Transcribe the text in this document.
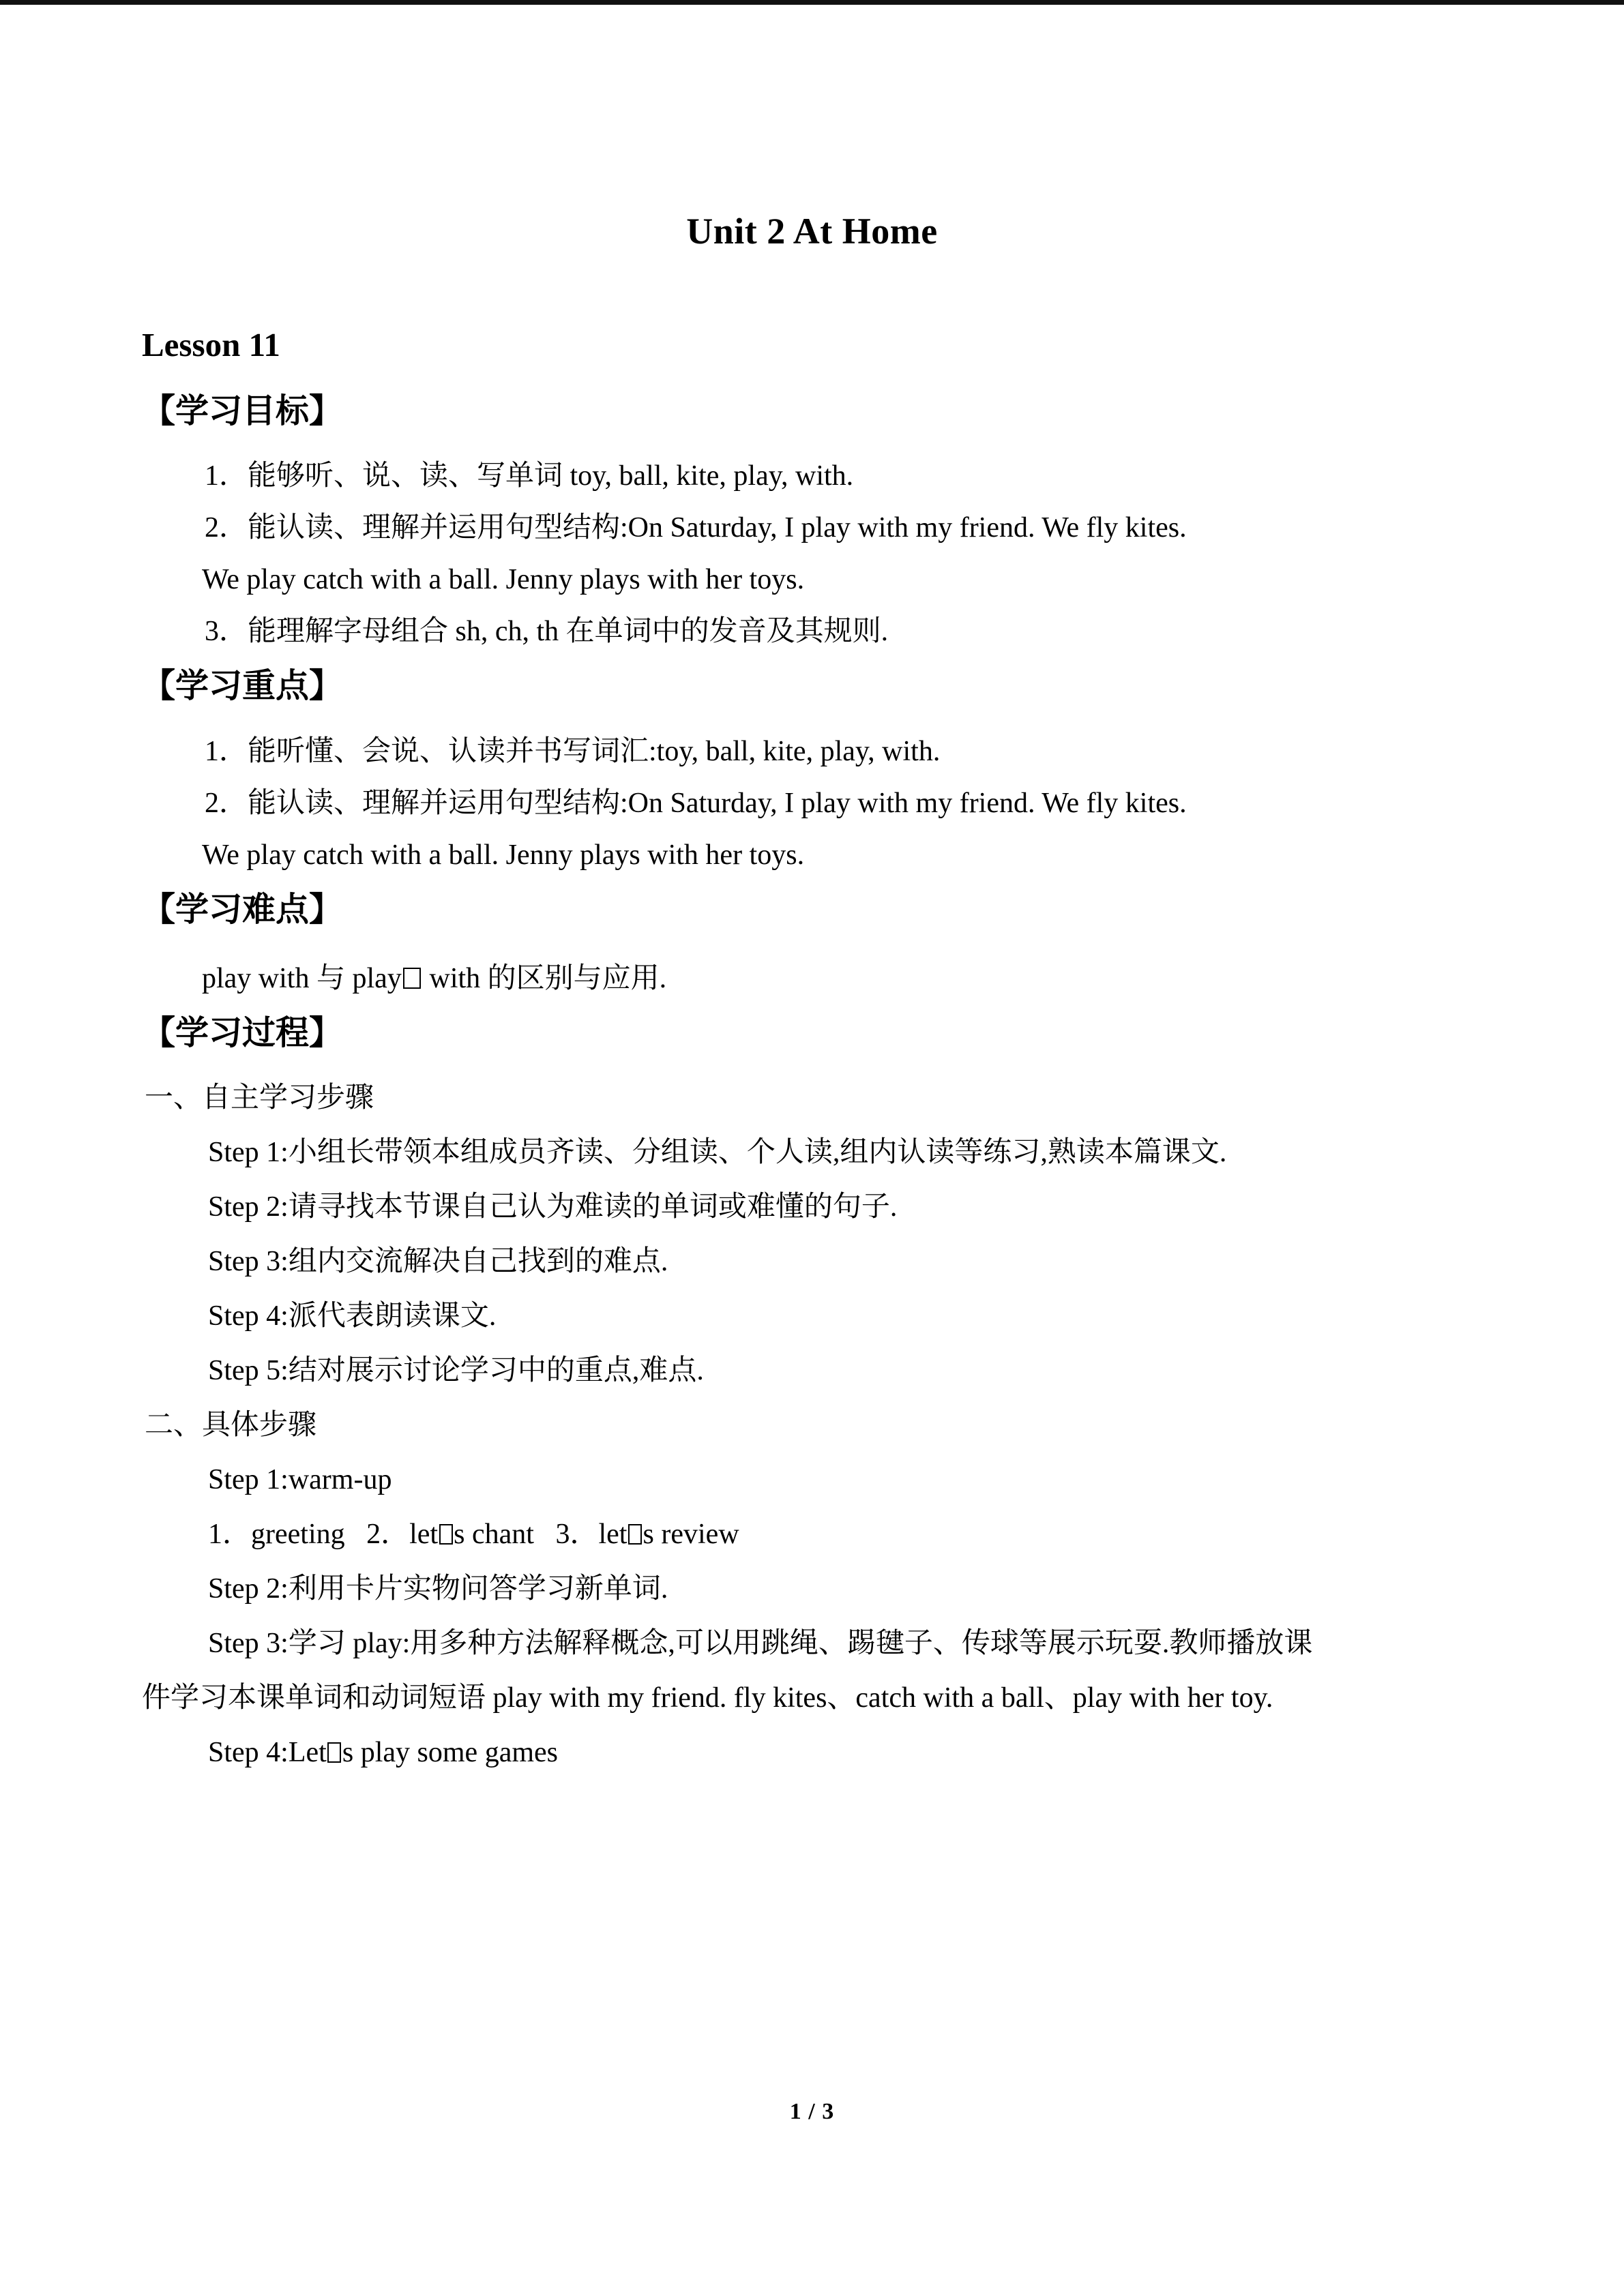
Unit 2 At Home
Lesson 11
【学习目标】
1．能够听、说、读、写单词 toy, ball, kite, play, with.
2．能认读、理解并运用句型结构:On Saturday, I play with my friend. We fly kites.
We play catch with a ball. Jenny plays with her toys.
3．能理解字母组合 sh, ch, th 在单词中的发音及其规则.
【学习重点】
1．能听懂、会说、认读并书写词汇:toy, ball, kite, play, with.
2．能认读、理解并运用句型结构:On Saturday, I play with my friend. We fly kites.
We play catch with a ball. Jenny plays with her toys.
【学习难点】
play with 与 play with 的区别与应用.
【学习过程】
一、自主学习步骤
Step 1:小组长带领本组成员齐读、分组读、个人读,组内认读等练习,熟读本篇课文.
Step 2:请寻找本节课自己认为难读的单词或难懂的句子.
Step 3:组内交流解决自己找到的难点.
Step 4:派代表朗读课文.
Step 5:结对展示讨论学习中的重点,难点.
二、具体步骤
Step 1:warm-up
1．greeting 2．let s chant 3．let s review
Step 2:利用卡片实物问答学习新单词.
Step 3:学习 play:用多种方法解释概念,可以用跳绳、踢毽子、传球等展示玩耍.教师播放课
件学习本课单词和动词短语 play with my friend. fly kites、catch with a ball、play with her toy.
Step 4:Let s play some games
1 / 3
